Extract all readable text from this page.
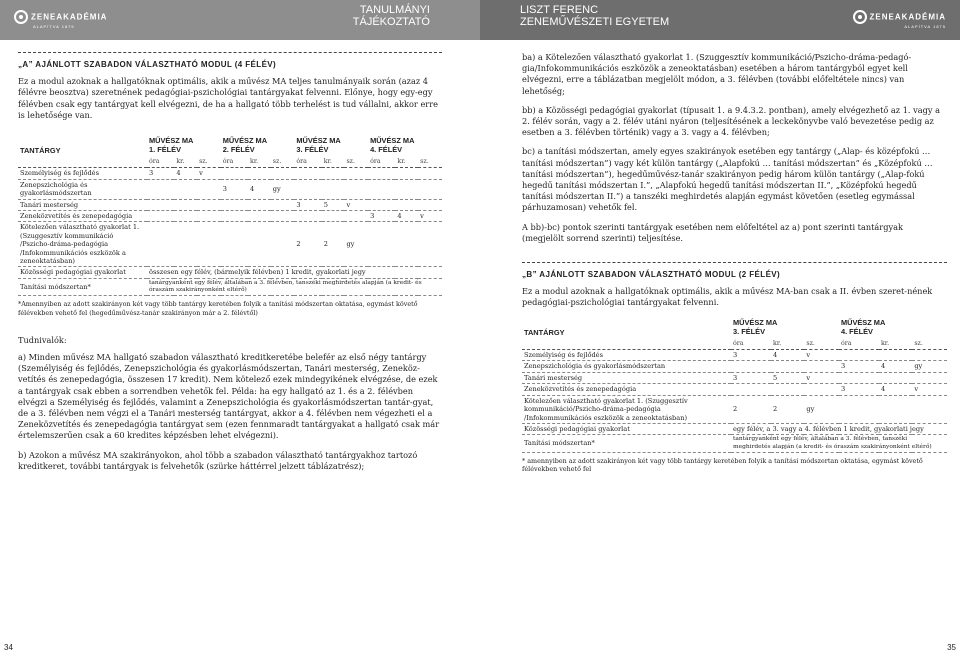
ZENEAKADÉMIA
ALAPÍTVA 1875
TANULMÁNYI
TÁJÉKOZTATÓ
LISZT FERENC
ZENEMŰVÉSZETI EGYETEM	ZENEAKADÉMIA
ALAPÍTVA 1875
„A” AJÁNLOTT SZABADON VÁLASZTHATÓ MODUL (4 FÉLÉV)

Ez a modul azoknak a hallgatóknak optimális, akik a művész MA teljes tanulmányaik során (azaz 4 félévre beosztva) szeretnének pedagógiai-pszichológiai tantárgyakat felvenni. Előnye, hogy egy-egy félévben csak egy tantárgyat kell elvégezni, de ha a hallgató több terhelést is tud vállalni, akkor erre is lehetősége van.

TANTÁRGY	MŰVÉSZ MA
1. FÉLÉV			MŰVÉSZ MA
2. FÉLÉV			MŰVÉSZ MA
3. FÉLÉV			MŰVÉSZ MA
4. FÉLÉV		
	óra	kr.	sz.	óra	kr.	sz.	óra	kr.	sz.	óra	kr.	sz.
Személyiség és fejlődés	3	4	v									
Zenepszichológia és gyakorlásmódszertan				3	4	gy						
Tanári mesterség							3	5	v			
Zeneközvetítés és zenepedagógia										3	4	v
Kötelezően választható gyakorlat 1. (Szuggesztív kommunikáció /Pszicho-dráma-pedagógia /Infokommunikációs eszközök a zeneoktatásban)							2	2	gy			
Közösségi pedagógiai gyakorlat	összesen egy félév, (bármelyik félévben) 1 kredit, gyakorlati jegy											
Tanítási módszertan*	tanárgyanként egy félév, általában a 3. félévben, tanszéki meghirdetés alapján (a kredit- és óraszám szakirányonként eltérő)											
*Amennyiben az adott szakirányon két vagy több tantárgy keretében folyik a tanítási módszertan oktatása, egymást követő félévekben vehető fel (hegedűművész-tanár szakirányon már a 2. félévtől)

Tudnivalók:

a) Minden művész MA hallgató szabadon választható kreditkeretébe belefér az első négy tantárgy (Személyiség és fejlődés, Zenepszichológia és gyakorlásmódszertan, Tanári mesterség, Zeneköz-vetítés és zenepedagógia, összesen 17 kredit). Nem kötelező ezek mindegyikének elvégzése, de ezek a tantárgyak csak ebben a sorrendben vehetők fel. Példa: ha egy hallgató az 1. és a 2. félévben elvégzi a Személyiség és fejlődés, valamint a Zenepszichológia és gyakorlásmódszertan tantár-gyat, de a 3. félévben nem végzi el a Tanári mesterség tantárgyat, akkor a 4. félévben nem végezheti el a Zeneközvetítés és zenepedagógia tantárgyat sem (ezen fennmaradt tantárgyakat a hallgató csak már értelemszerűen csak a 60 kredites képzésben lehet elvégezni).

b) Azokon a művész MA szakirányokon, ahol több a szabadon választható tantárgyakhoz tartozó kreditkeret, további tantárgyak is felvehetők (szürke háttérrel jelzett táblázatrész);

34

ba) a Kötelezően választható gyakorlat 1. (Szuggesztív kommunikáció/Pszicho-dráma-pedagó-gia/Infokommunikációs eszközök a zeneoktatásban) esetében a három tantárgyból egyet kell elvégezni, erre a táblázatban megjelölt módon, a 3. félévben (további előfeltétele nincs) van lehetőség;

bb) a Közösségi pedagógiai gyakorlat (típusait 1. a 9.4.3.2. pontban), amely elvégezhető az 1. vagy a 2. félév során, vagy a 2. félév utáni nyáron (teljesítésének a leckekönyvbe való bevezetése pedig az esetben a 3. félévben történik) vagy a 3. vagy a 4. félévben;

bc) a tanítási módszertan, amely egyes szakirányok esetében egy tantárgy („Alap- és középfokú … tanítási módszertan”) vagy két külön tantárgy („Alapfokú … tanítási módszertan” és „Középfokú … tanítási módszertan”), hegedűművész-tanár szakirányon pedig három külön tantárgy („Alap-fokú hegedű tanítási módszertan I.”, „Alapfokú hegedű tanítási módszertan II.”, „Középfokú hegedű tanítási módszertan II.”) a tanszéki meghirdetés alapján egymást követően (esetleg egymással párhuzamosan) vehetők fel.

A bb)-bc) pontok szerinti tantárgyak esetében nem előfeltétel az a) pont szerinti tantárgyak (megjelölt sorrend szerinti) teljesítése.

„B” AJÁNLOTT SZABADON VÁLASZTHATÓ MODUL (2 FÉLÉV)

Ez a modul azoknak a hallgatóknak optimális, akik a művész MA-ban csak a II. évben szeret-nének pedagógiai-pszichológiai tantárgyakat felvenni.

TANTÁRGY	MŰVÉSZ MA
3. FÉLÉV			MŰVÉSZ MA
4. FÉLÉV		
	óra	kr.	sz.	óra	kr.	sz.
Személyiség és fejlődés	3	4	v			
Zenepszichológia és gyakorlásmódszertan				3	4	gy
Tanári mesterség	3	5	v			
Zeneközvetítés és zenepedagógia				3	4	v
Kötelezően választható gyakorlat 1. (Szuggesztív kommunikáció/Pszicho-dráma-pedagógia /Infokommunikációs eszközök a zeneoktatásban)	2	2	gy			
Közösségi pedagógiai gyakorlat	egy félév, a 3. vagy a 4. félévben 1 kredit, gyakorlati jegy					
Tanítási módszertan*	tantárgyanként egy félév, általában a 3. félévben, tanszéki meghirdetés alapján (a kredit- és óraszám szakirányonként eltérő)					
* amennyiben az adott szakirányon két vagy több tantárgy keretében folyik a tanítási módszertan oktatása, egymást követő félévekben vehető fel
35
